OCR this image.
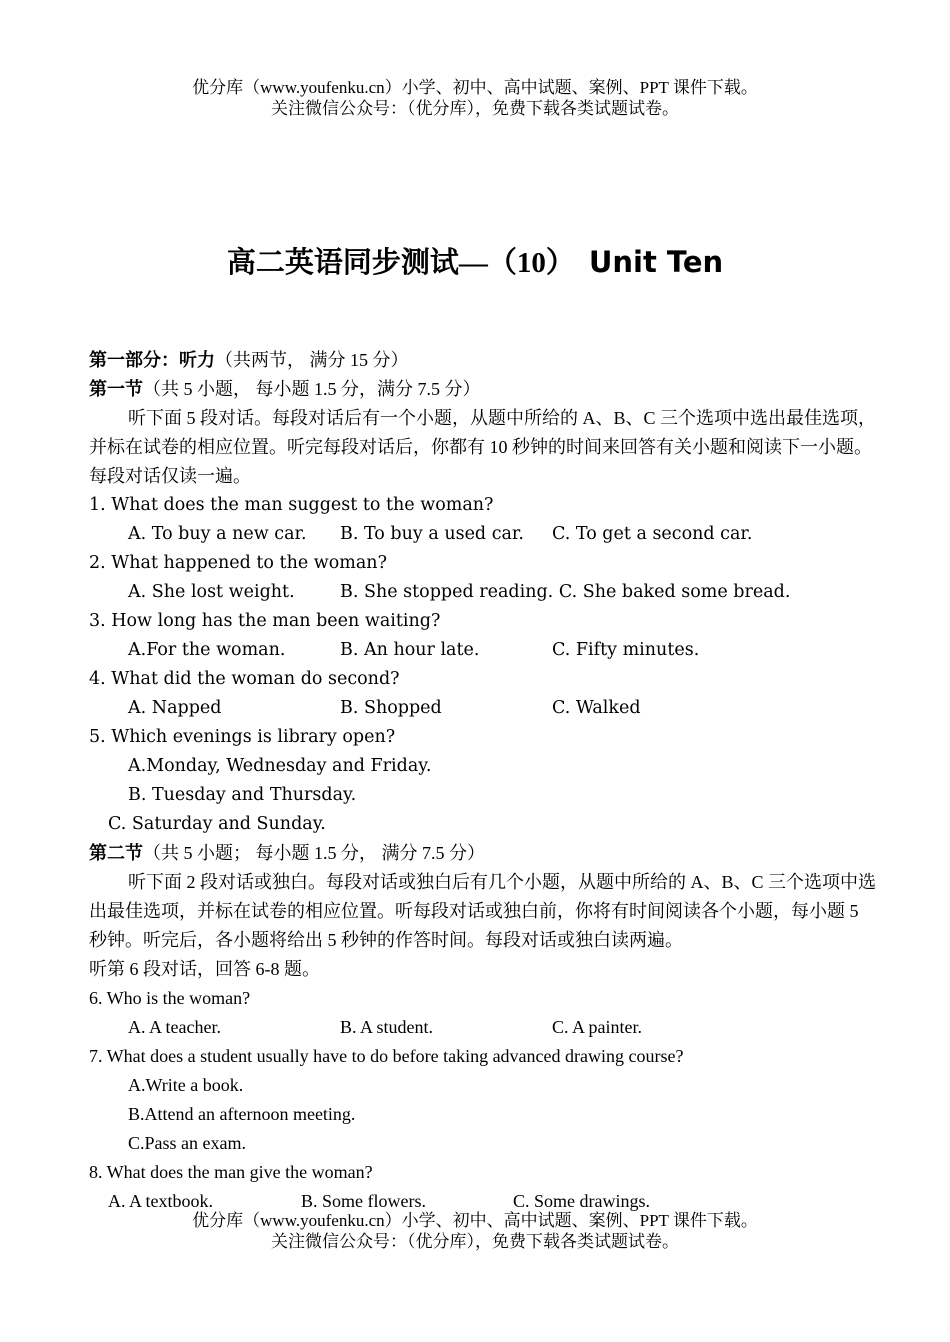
优分库（www.youfenku.cn）小学、初中、高中试题、案例、PPT 课件下载。
关注微信公众号：（优分库），免费下载各类试题试卷。
高二英语同步测试—（10） Unit Ten
第一部分：听力（共两节， 满分 15 分）
第一节（共 5 小题， 每小题 1.5 分，满分 7.5 分）
听下面 5 段对话。每段对话后有一个小题，从题中所给的 A、B、C 三个选项中选出最佳选项，并标在试卷的相应位置。听完每段对话后，你都有 10 秒钟的时间来回答有关小题和阅读下一小题。每段对话仅读一遍。
1. What does the man suggest to the woman?
A. To buy a new car. B. To buy a used car. C. To get a second car.
2. What happened to the woman?
A. She lost weight.	B. She stopped reading. C. She baked some bread.
3. How long has the man been waiting?
A.For the woman.	B. An hour late.	C. Fifty minutes.
4. What did the woman do second?
A. Napped	B. Shopped	C. Walked
5. Which evenings is library open?
A.Monday, Wednesday and Friday.
B. Tuesday and Thursday.
C. Saturday and Sunday.
第二节（共 5 小题； 每小题 1.5 分， 满分 7.5 分）
听下面 2 段对话或独白。每段对话或独白后有几个小题，从题中所给的 A、B、C 三个选项中选出最佳选项，并标在试卷的相应位置。听每段对话或独白前，你将有时间阅读各个小题，每小题 5 秒钟。听完后，各小题将给出 5 秒钟的作答时间。每段对话或独白读两遍。
听第 6 段对话，回答 6-8 题。
6. Who is the woman?
A. A teacher.	B. A student.	C. A painter.
7. What does a student usually have to do before taking advanced drawing course?
A.Write a book.
B.Attend an afternoon meeting.
C.Pass an exam.
8. What does the man give the woman?
A. A textbook.	B. Some flowers.	C. Some drawings.
优分库（www.youfenku.cn）小学、初中、高中试题、案例、PPT 课件下载。
关注微信公众号：（优分库），免费下载各类试题试卷。
